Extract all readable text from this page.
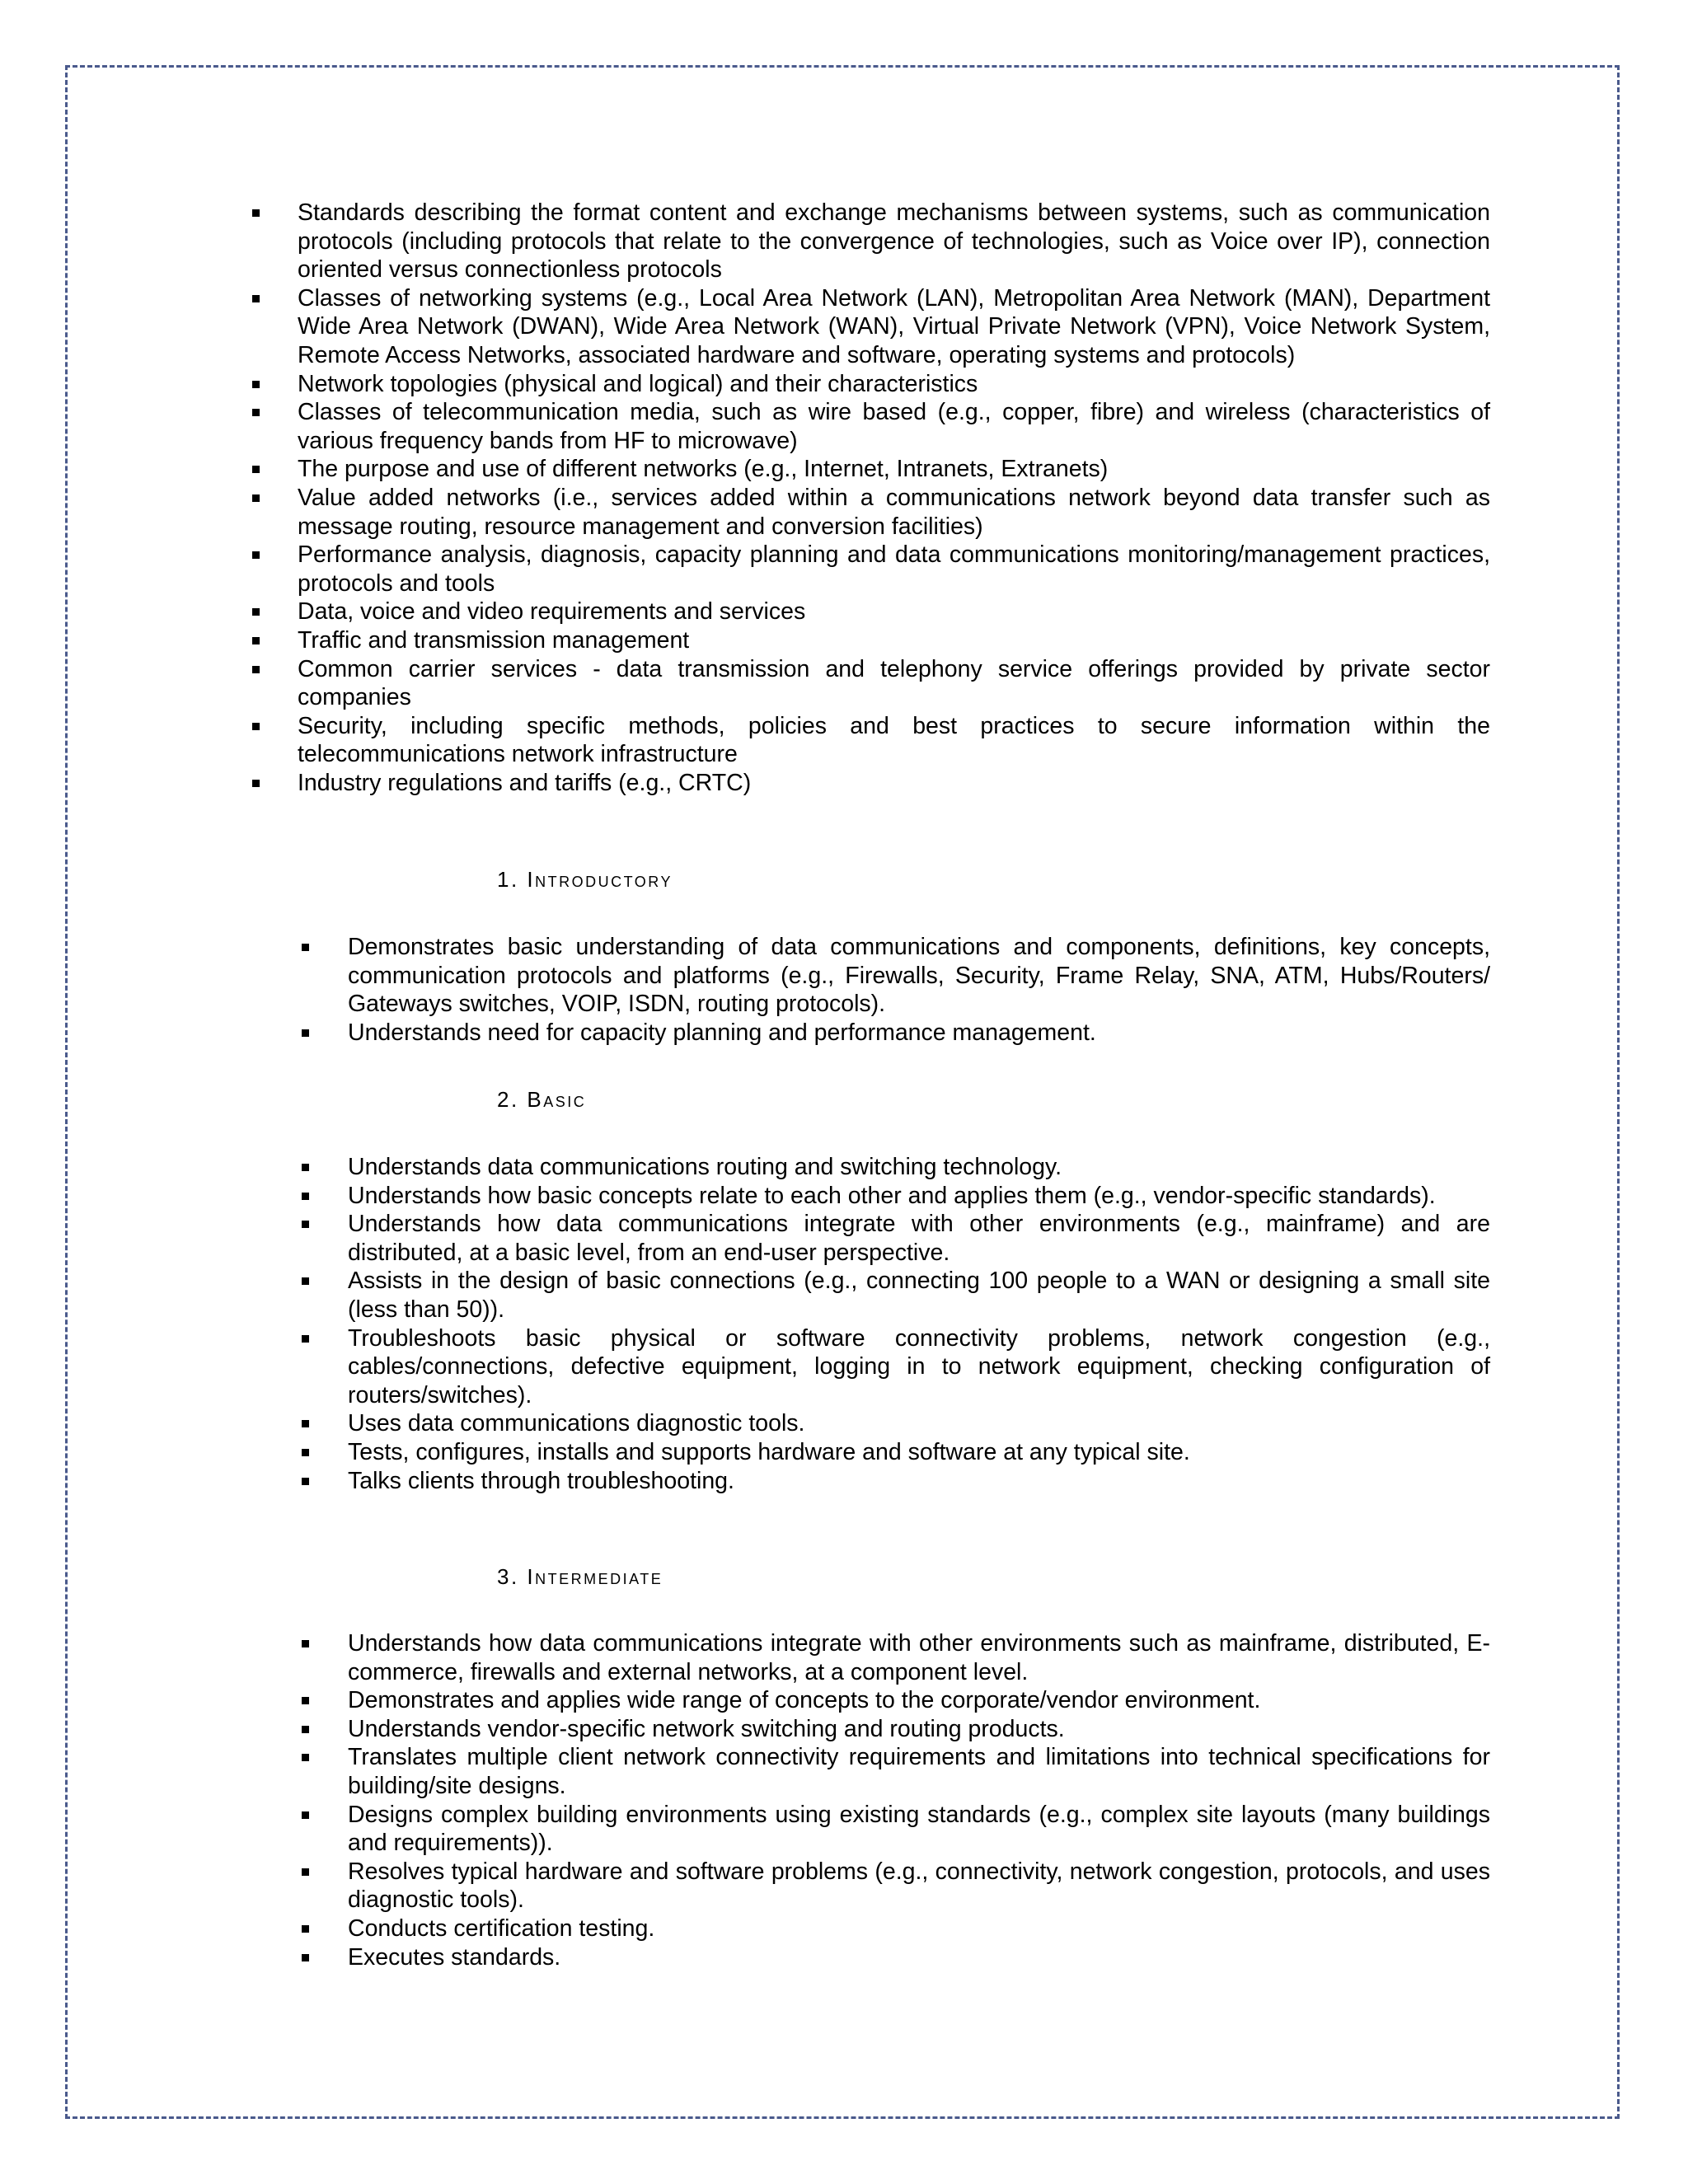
Standards describing the format content and exchange mechanisms between systems, such as communication protocols (including protocols that relate to the convergence of technologies, such as Voice over IP), connection oriented versus connectionless protocols
Classes of networking systems (e.g., Local Area Network (LAN), Metropolitan Area Network (MAN), Department Wide Area Network (DWAN), Wide Area Network (WAN), Virtual Private Network (VPN), Voice Network System, Remote Access Networks, associated hardware and software, operating systems and protocols)
Network topologies (physical and logical) and their characteristics
Classes of telecommunication media, such as wire based (e.g., copper, fibre) and wireless (characteristics of various frequency bands from HF to microwave)
The purpose and use of different networks (e.g., Internet, Intranets, Extranets)
Value added networks (i.e., services added within a communications network beyond data transfer such as message routing, resource management and conversion facilities)
Performance analysis, diagnosis, capacity planning and data communications monitoring/management practices, protocols and tools
Data, voice and video requirements and services
Traffic and transmission management
Common carrier services - data transmission and telephony service offerings provided by private sector companies
Security, including specific methods, policies and best practices to secure information within the telecommunications network infrastructure
Industry regulations and tariffs (e.g., CRTC)
1. Introductory
Demonstrates basic understanding of data communications and components, definitions, key concepts, communication protocols and platforms (e.g., Firewalls, Security, Frame Relay, SNA, ATM, Hubs/Routers/ Gateways switches, VOIP, ISDN, routing protocols).
Understands need for capacity planning and performance management.
2. Basic
Understands data communications routing and switching technology.
Understands how basic concepts relate to each other and applies them (e.g., vendor-specific standards).
Understands how data communications integrate with other environments (e.g., mainframe) and are distributed, at a basic level, from an end-user perspective.
Assists in the design of basic connections (e.g., connecting 100 people to a WAN or designing a small site (less than 50)).
Troubleshoots basic physical or software connectivity problems, network congestion (e.g., cables/connections, defective equipment, logging in to network equipment, checking configuration of routers/switches).
Uses data communications diagnostic tools.
Tests, configures, installs and supports hardware and software at any typical site.
Talks clients through troubleshooting.
3. Intermediate
Understands how data communications integrate with other environments such as mainframe, distributed, E-commerce, firewalls and external networks, at a component level.
Demonstrates and applies wide range of concepts to the corporate/vendor environment.
Understands vendor-specific network switching and routing products.
Translates multiple client network connectivity requirements and limitations into technical specifications for building/site designs.
Designs complex building environments using existing standards (e.g., complex site layouts (many buildings and requirements)).
Resolves typical hardware and software problems (e.g., connectivity, network congestion, protocols, and uses diagnostic tools).
Conducts certification testing.
Executes standards.
